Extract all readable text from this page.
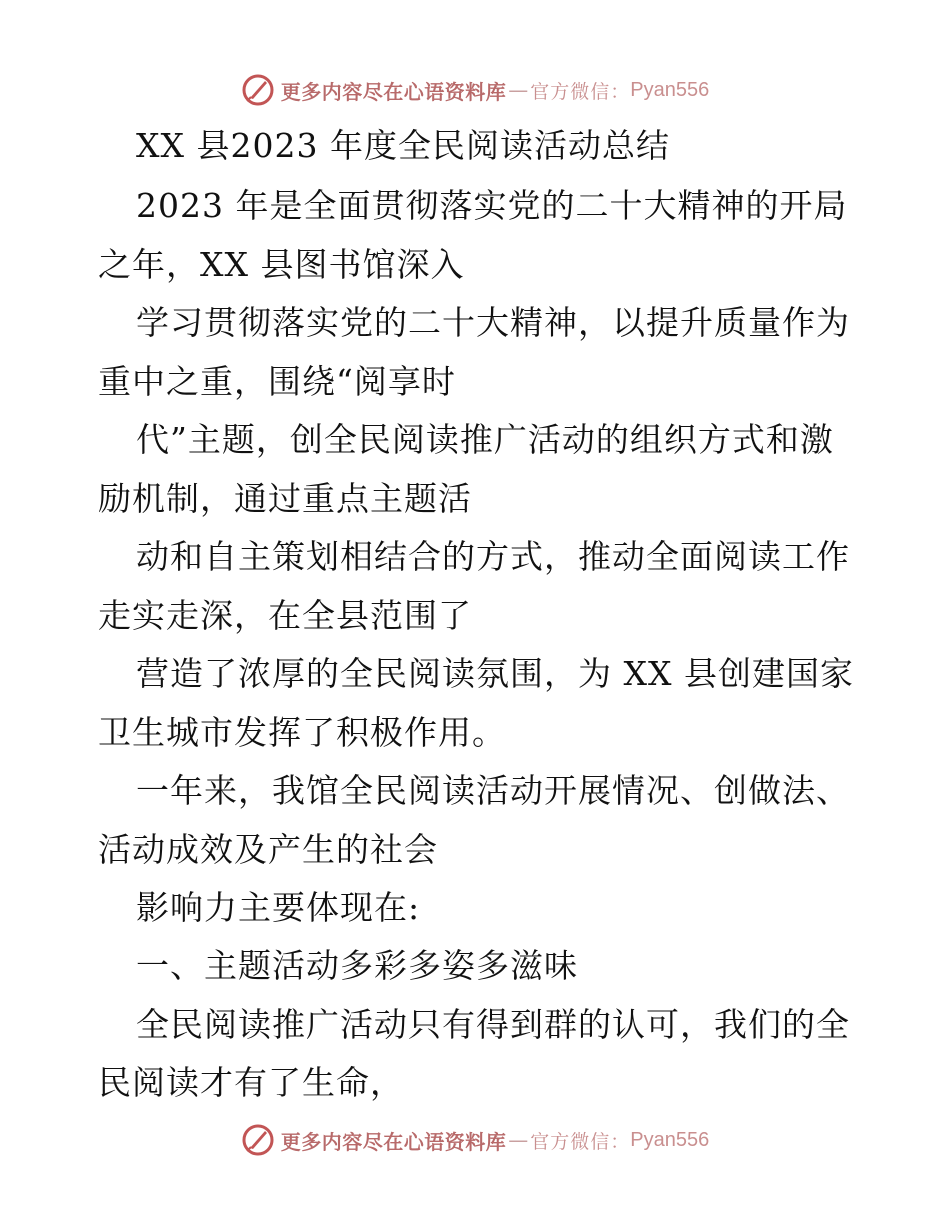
更多内容尽在心语资料库 — 官方微信： Pyan556
XX 县2023 年度全民阅读活动总结
2023 年是全面贯彻落实党的二十大精神的开局
之年，XX 县图书馆深入
学习贯彻落实党的二十大精神，以提升质量作为
重中之重，围绕“阅享时
代”主题，创全民阅读推广活动的组织方式和激
励机制，通过重点主题活
动和自主策划相结合的方式，推动全面阅读工作
走实走深，在全县范围了
营造了浓厚的全民阅读氛围，为 XX 县创建国家
卫生城市发挥了积极作用。
一年来，我馆全民阅读活动开展情况、创做法、
活动成效及产生的社会
影响力主要体现在:
一、主题活动多彩多姿多滋味
全民阅读推广活动只有得到群的认可，我们的全
民阅读才有了生命，
更多内容尽在心语资料库 — 官方微信： Pyan556
